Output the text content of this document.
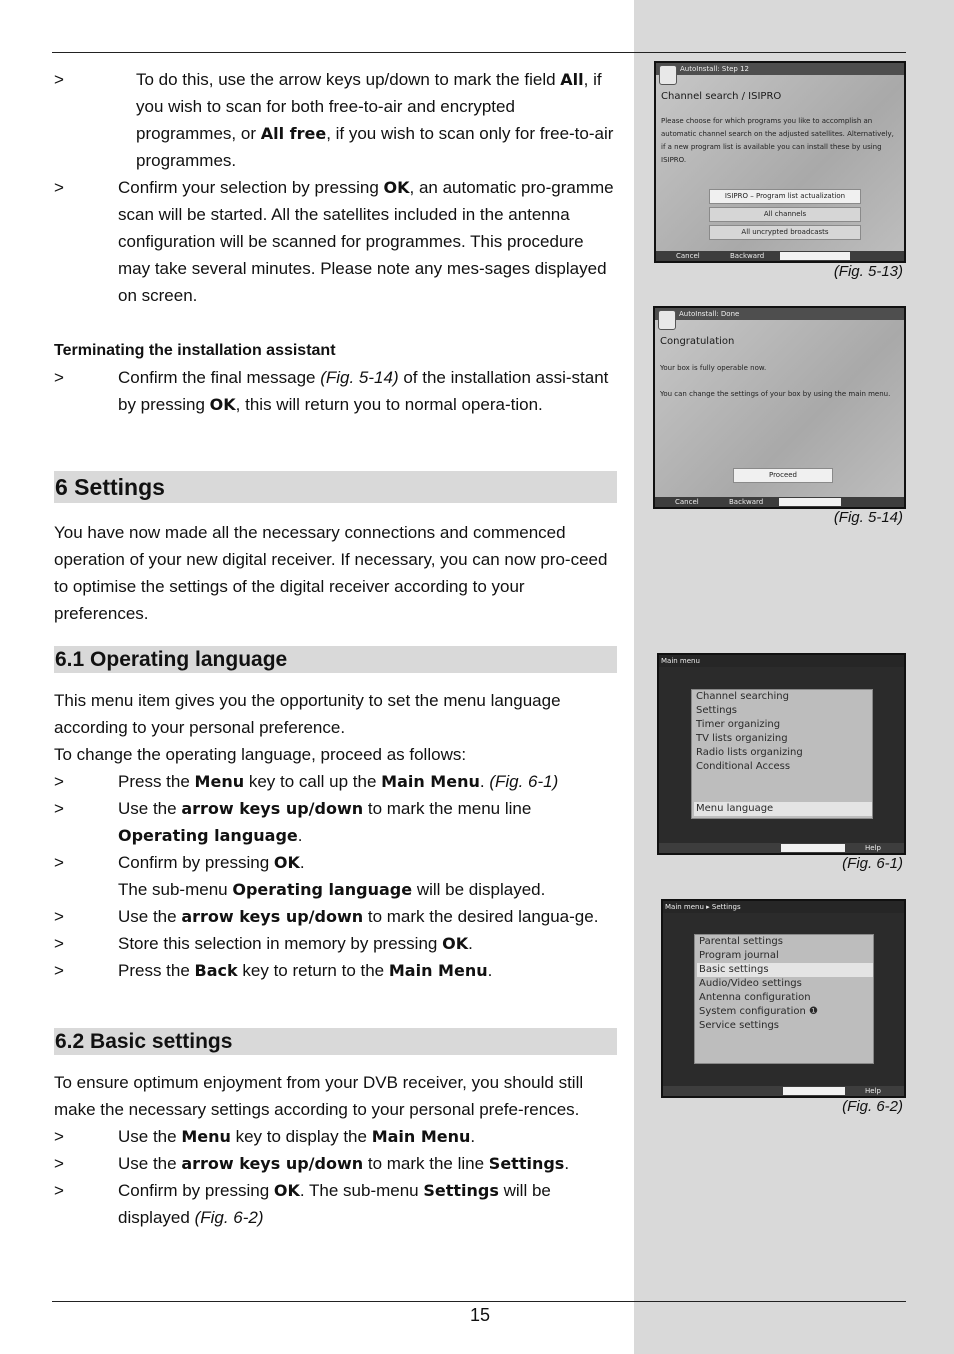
>	To do this, use the arrow keys up/down to mark the field All, if you wish to scan for both free-to-air and encrypted programmes, or All free, if you wish to scan only for free-to-air programmes.
>	Confirm your selection by pressing OK, an automatic pro-gramme scan will be started. All the satellites included in the antenna configuration will be scanned for programmes. This procedure may take several minutes. Please note any mes-sages displayed on screen.
Terminating the installation assistant
>	Confirm the final message (Fig. 5-14) of the installation assi-stant by pressing OK, this will return you to normal opera-tion.
6 Settings
You have now made all the necessary connections and commenced operation of your new digital receiver. If necessary, you can now pro-ceed to optimise the settings of the digital receiver according to your preferences.
6.1 Operating language
This menu item gives you the opportunity to set the menu language according to your personal preference.
To change the operating language, proceed as follows:
>	Press the Menu key to call up the Main Menu. (Fig. 6-1)
>	Use the arrow keys up/down to mark the menu line Operating language.
>	Confirm by pressing OK.
The sub-menu Operating language will be displayed.
>	Use the arrow keys up/down to mark the desired langua-ge.
>	Store this selection in memory by pressing OK.
>	Press the Back key to return to the Main Menu.
6.2 Basic settings
To ensure optimum enjoyment from your DVB receiver, you should still make the necessary settings according to your personal prefe-rences.
>	Use the Menu key to display the Main Menu.
>	Use the arrow keys up/down to mark the line Settings.
>	Confirm by pressing OK. The sub-menu Settings will be displayed (Fig. 6-2)
15
AutoInstall: Step 12
Channel search / ISIPRO
Please choose for which programs you like to accomplish an automatic channel search on the adjusted satellites. Alternatively, if a new program list is available you can install these by using ISIPRO.
ISIPRO – Program list actualization
All channels
All uncrypted broadcasts
Cancel	Backward
(Fig. 5-13)
AutoInstall: Done
Congratulation
Your box is fully operable now.
You can change the settings of your box by using the main menu.
Proceed
Cancel	Backward
(Fig. 5-14)
Main menu
Channel searching
Settings
Timer organizing
TV lists organizing
Radio lists organizing
Conditional Access
Menu language
Help
(Fig. 6-1)
Main menu ▸ Settings
Parental settings
Program journal
Basic settings
Audio/Video settings
Antenna configuration
System configuration ❶
Service settings
Help
(Fig. 6-2)
